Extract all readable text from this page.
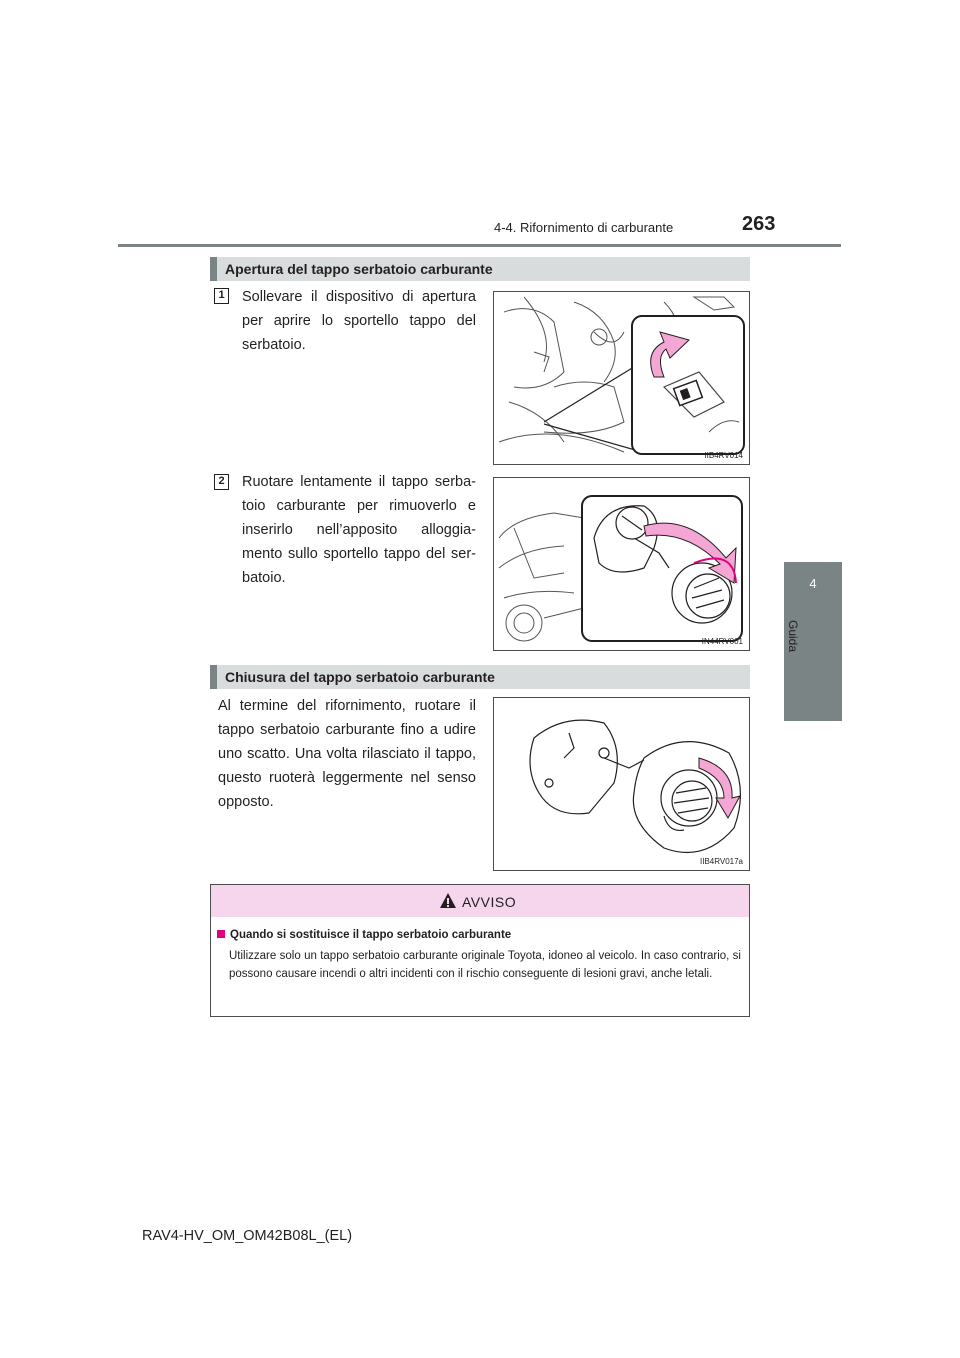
4-4. Rifornimento di carburante	263
4
Guida
Apertura del tappo serbatoio carburante
1	Sollevare il dispositivo di apertura per aprire lo sportello tappo del serbatoio.
IIB4RV014
2	Ruotare lentamente il tappo serba-toio carburante per rimuoverlo e inserirlo nell’apposito alloggia-mento sullo sportello tappo del ser-batoio.
IN44RV001
Chiusura del tappo serbatoio carburante
Al termine del rifornimento, ruotare il tappo serbatoio carburante fino a udire uno scatto. Una volta rilasciato il tappo, questo ruoterà leggermente nel senso opposto.
IIB4RV017a
AVVISO
Quando si sostituisce il tappo serbatoio carburante
Utilizzare solo un tappo serbatoio carburante originale Toyota, idoneo al veicolo. In caso contrario, si possono causare incendi o altri incidenti con il rischio conseguente di lesioni gravi, anche letali.
RAV4-HV_OM_OM42B08L_(EL)
